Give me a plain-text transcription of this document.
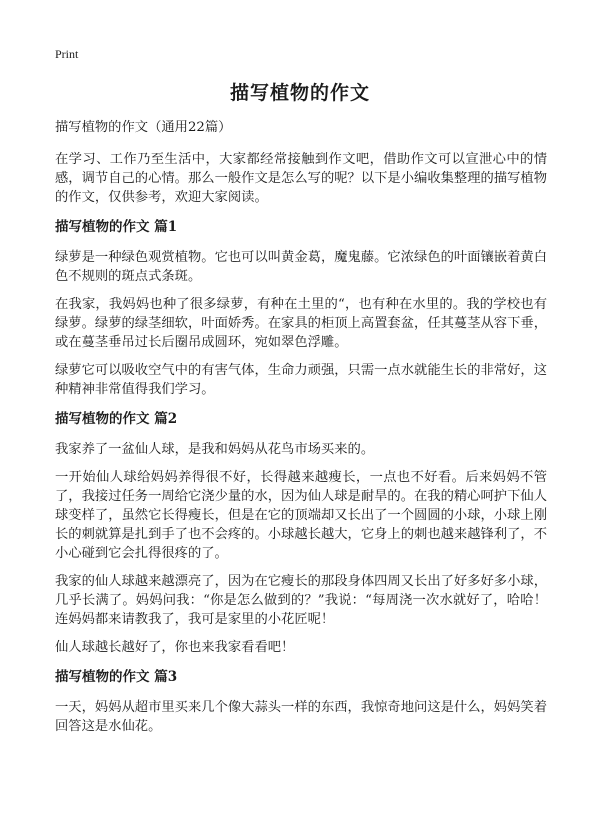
Print
描写植物的作文

描写植物的作文（通用22篇）

在学习、工作乃至生活中，大家都经常接触到作文吧，借助作文可以宣泄心中的情感，调节自己的心情。那么一般作文是怎么写的呢？以下是小编收集整理的描写植物的作文，仅供参考，欢迎大家阅读。

描写植物的作文 篇1

绿萝是一种绿色观赏植物。它也可以叫黄金葛，魔鬼藤。它浓绿色的叶面镶嵌着黄白色不规则的斑点式条斑。

在我家，我妈妈也种了很多绿萝，有种在土里的“，也有种在水里的。我的学校也有绿萝。绿萝的绿茎细软，叶面娇秀。在家具的柜顶上高置套盆，任其蔓茎从容下垂，或在蔓茎垂吊过长后圈吊成圆环，宛如翠色浮雕。

绿萝它可以吸收空气中的有害气体，生命力顽强，只需一点水就能生长的非常好，这种精神非常值得我们学习。

描写植物的作文 篇2

我家养了一盆仙人球，是我和妈妈从花鸟市场买来的。

一开始仙人球给妈妈养得很不好，长得越来越瘦长，一点也不好看。后来妈妈不管了，我接过任务一周给它浇少量的水，因为仙人球是耐旱的。在我的精心呵护下仙人球变样了，虽然它长得瘦长，但是在它的顶端却又长出了一个圆圆的小球，小球上刚长的刺就算是扎到手了也不会疼的。小球越长越大，它身上的刺也越来越锋利了，不小心碰到它会扎得很疼的了。

我家的仙人球越来越漂亮了，因为在它瘦长的那段身体四周又长出了好多好多小球，几乎长满了。妈妈问我：“你是怎么做到的？”我说：“每周浇一次水就好了，哈哈！连妈妈都来请教我了，我可是家里的小花匠呢！

仙人球越长越好了，你也来我家看看吧！

描写植物的作文 篇3

一天，妈妈从超市里买来几个像大蒜头一样的东西，我惊奇地问这是什么，妈妈笑着回答这是水仙花。
